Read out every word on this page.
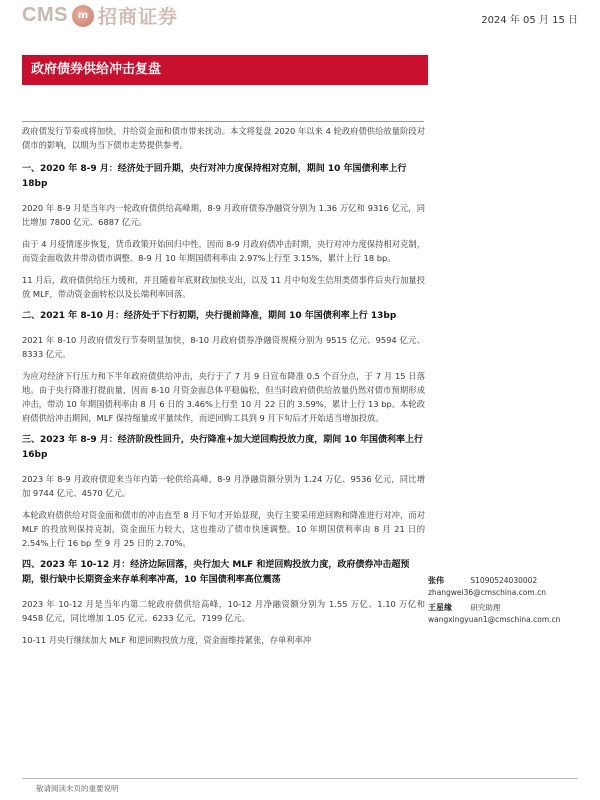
CMS m 招商证券	2024 年 05 月 15 日
政府债券供给冲击复盘

政府债发行节奏或将加快，并给资金面和债市带来扰动。本文将复盘 2020 年以来 4 轮政府债供给放量阶段对债市的影响，以期为当下债市走势提供参考。

一、2020 年 8-9 月：经济处于回升期，央行对冲力度保持相对克制，期间 10 年国债利率上行 18bp

2020 年 8-9 月是当年内一轮政府债供给高峰期，8-9 月政府债券净融资分别为 1.36 万亿和 9316 亿元，同比增加 7800 亿元、6887 亿元。

由于 4 月疫情逐步恢复，货币政策开始回归中性，因而 8-9 月政府债冲击时期，央行对冲力度保持相对克制，而资金面收敛并带动债市调整。8-9 月 10 年期国债利率由 2.97%上行至 3.15%，累计上行 18 bp。

11 月后，政府债供给压力缓和，并且随着年底财政加快支出，以及 11 月中旬发生信用类债事件后央行加量投放 MLF，带动资金面转松以及长端利率回落。

二、2021 年 8-10 月：经济处于下行初期，央行提前降准，期间 10 年国债利率上行 13bp

2021 年 8-10 月政府债发行节奏明显加快，8-10 月政府债券净融资规模分别为 9515 亿元、9594 亿元、8333 亿元。

为应对经济下行压力和下半年政府债供给冲击，央行于了 7 月 9 日宣布降准 0.5 个百分点，于 7 月 15 日落地。由于央行降准打提前量，因而 8-10 月资金面总体平稳偏松，但当时政府债供给放量仍然对债市预期形成冲击，带动 10 年期国债利率由 8 月 6 日的 3.46%上行至 10 月 22 日的 3.59%，累计上行 13 bp。本轮政府债供给冲击期间，MLF 保持缩量或平量续作，而逆回购工具到 9 月下旬后才开始适当增加投放。

三、2023 年 8-9 月：经济阶段性回升，央行降准+加大逆回购投放力度，期间 10 年国债利率上行 16bp

2023 年 8-9 月政府债迎来当年内第一轮供给高峰，8-9 月净融资额分别为 1.24 万亿、9536 亿元，同比增加 9744 亿元、4570 亿元。

本轮政府债供给对资金面和债市的冲击直至 8 月下旬才开始显现，央行主要采用逆回购和降准进行对冲，而对 MLF 的投放则保持克制，资金面压力较大，这也推动了债市快速调整。10 年期国债利率由 8 月 21 日的 2.54%上行 16 bp 至 9 月 25 日的 2.70%。

四、2023 年 10-12 月：经济边际回落，央行加大 MLF 和逆回购投放力度，政府债券冲击超预期，银行缺中长期资金来存单利率冲高，10 年国债利率高位震荡

2023 年 10-12 月是当年内第二轮政府债供给高峰，10-12 月净融资额分别为 1.55 万亿、1.10 万亿和 9458 亿元，同比增加 1.05 亿元、6233 亿元，7199 亿元。

10-11 月央行继续加大 MLF 和逆回购投放力度，资金面维持紧张，存单利率冲

张伟	S1090524030002
zhangwei36@cmschina.com.cn
王星缘 研究助理
wangxingyuan1@cmschina.com.cn
敬请阅读末页的重要说明
